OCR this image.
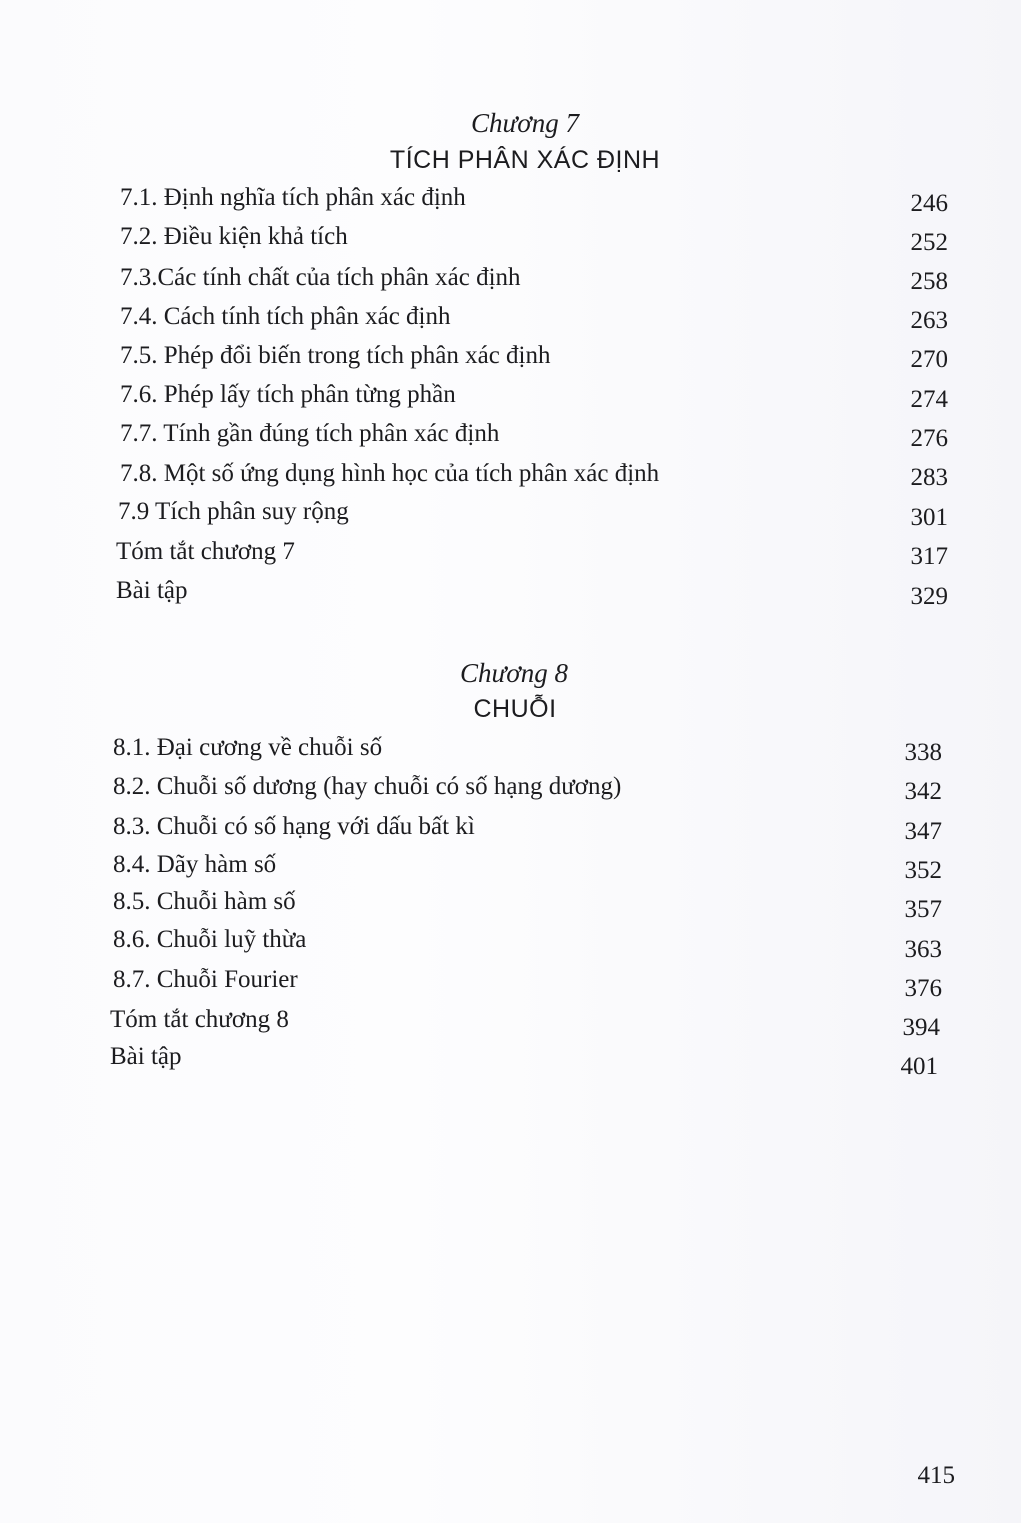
Chương 7
TÍCH PHÂN XÁC ĐỊNH
7.1. Định nghĩa tích phân xác định	246
7.2. Điều kiện khả tích	252
7.3.Các tính chất của tích phân xác định	258
7.4. Cách tính tích phân xác định	263
7.5. Phép đổi biến trong tích phân xác định	270
7.6. Phép lấy tích phân từng phần	274
7.7. Tính gần đúng tích phân xác định	276
7.8. Một số ứng dụng hình học của tích phân xác định	283
7.9 Tích phân suy rộng	301
Tóm tắt chương 7	317
Bài tập	329
Chương 8
CHUỖI
8.1. Đại cương về chuỗi số	338
8.2. Chuỗi số dương (hay chuỗi có số hạng dương)	342
8.3. Chuỗi có số hạng với dấu bất kì	347
8.4. Dãy hàm số	352
8.5. Chuỗi hàm số	357
8.6. Chuỗi luỹ thừa	363
8.7. Chuỗi Fourier	376
Tóm tắt chương 8	394
Bài tập	401
415
